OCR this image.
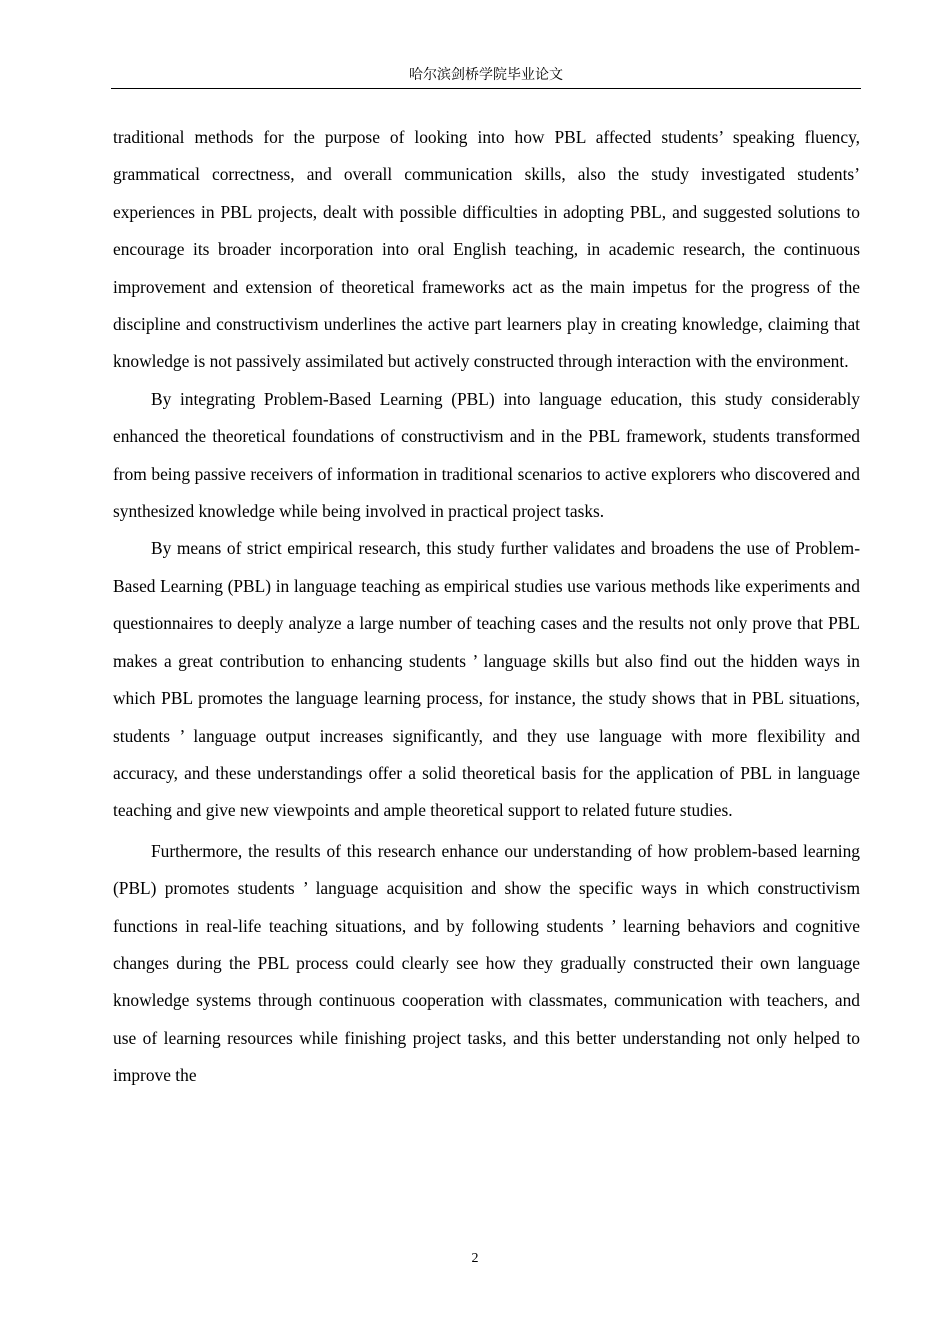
哈尔滨剑桥学院毕业论文

traditional methods for the purpose of looking into how PBL affected students’ speaking fluency, grammatical correctness, and overall communication skills, also the study investigated students’ experiences in PBL projects, dealt with possible difficulties in adopting PBL, and suggested solutions to encourage its broader incorporation into oral English teaching, in academic research, the continuous improvement and extension of theoretical frameworks act as the main impetus for the progress of the discipline and constructivism underlines the active part learners play in creating knowledge, claiming that knowledge is not passively assimilated but actively constructed through interaction with the environment.

By integrating Problem-Based Learning (PBL) into language education, this study considerably enhanced the theoretical foundations of constructivism and in the PBL framework, students transformed from being passive receivers of information in traditional scenarios to active explorers who discovered and synthesized knowledge while being involved in practical project tasks.

By means of strict empirical research, this study further validates and broadens the use of Problem-Based Learning (PBL) in language teaching as empirical studies use various methods like experiments and questionnaires to deeply analyze a large number of teaching cases and the results not only prove that PBL makes a great contribution to enhancing students ’ language skills but also find out the hidden ways in which PBL promotes the language learning process, for instance, the study shows that in PBL situations, students ’ language output increases significantly, and they use language with more flexibility and accuracy, and these understandings offer a solid theoretical basis for the application of PBL in language teaching and give new viewpoints and ample theoretical support to related future studies.

Furthermore, the results of this research enhance our understanding of how problem-based learning (PBL) promotes students ’ language acquisition and show the specific ways in which constructivism functions in real-life teaching situations, and by following students ’ learning behaviors and cognitive changes during the PBL process could clearly see how they gradually constructed their own language knowledge systems through continuous cooperation with classmates, communication with teachers, and use of learning resources while finishing project tasks, and this better understanding not only helped to improve the

2
